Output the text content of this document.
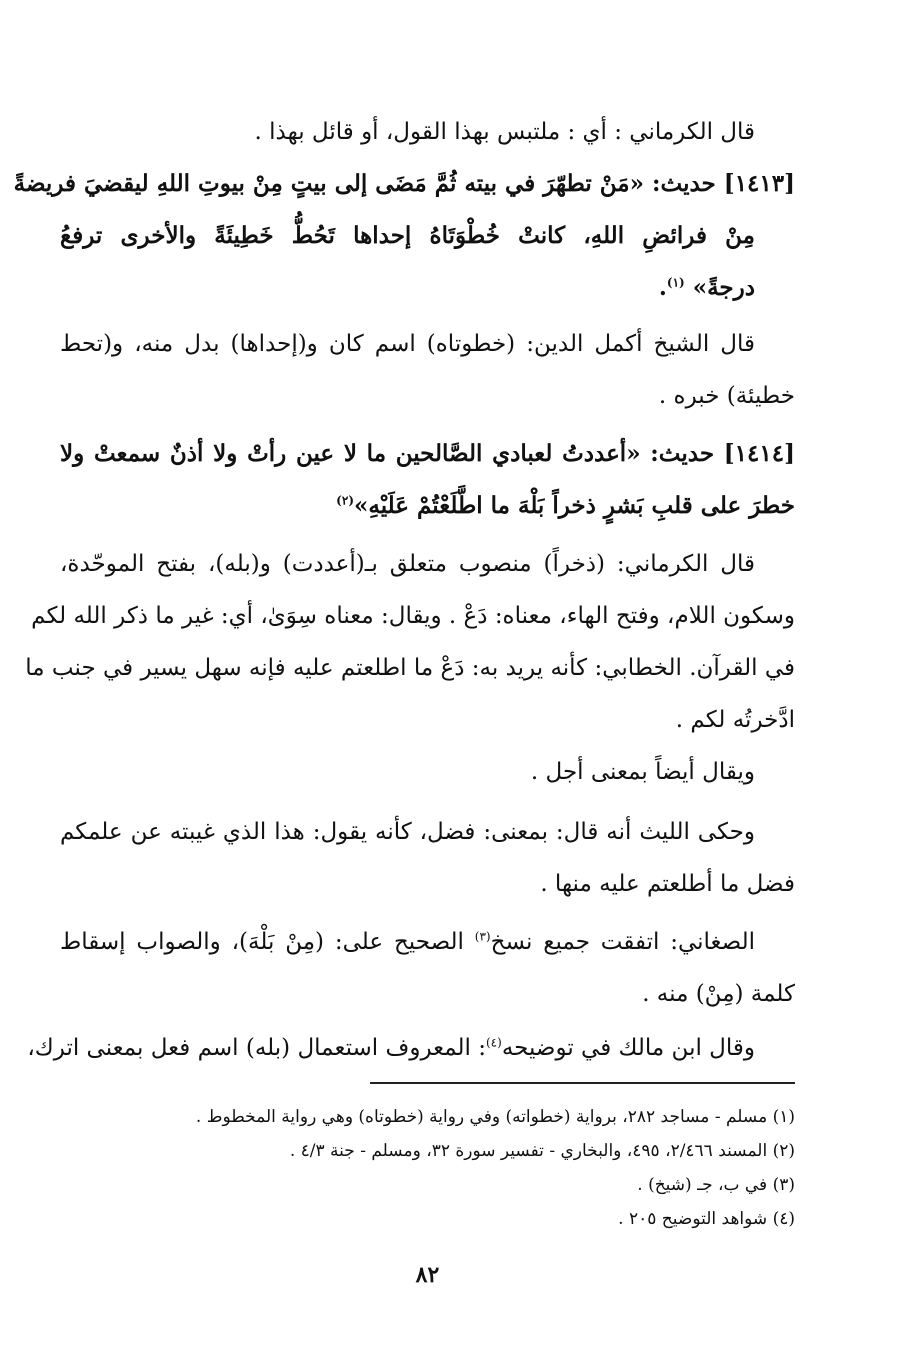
قال الكرماني : أي : ملتبس بهذا القول، أو قائل بهذا .
[١٤١٣] حديث: «مَنْ تطهّرَ في بيته ثُمَّ مَضَى إلى بيتٍ مِنْ بيوتِ اللهِ ليقضيَ فريضةً
مِنْ فرائضِ اللهِ، كانتْ خُطْوَتَاهُ إحداها تَحُطُّ خَطِيئَةً والأخرى ترفعُ
درجةً» $^{(١)}$.
قال الشيخ أكمل الدين: (خطوتاه) اسم كان و(إحداها) بدل منه، و(تحط
خطيئة) خبره .
[١٤١٤] حديث: «أعددتُ لعبادي الصَّالحين ما لا عين رأتْ ولا أذنٌ سمعتْ ولا
خطرَ على قلبِ بَشرٍ ذخراً بَلْهَ ما اطَّلَعْتُمْ عَلَيْهِ»$^{(٢)}$
قال الكرماني: (ذخراً) منصوب متعلق بـ(أعددت) و(بله)، بفتح الموحّدة،
وسكون اللام، وفتح الهاء، معناه: دَعْ . ويقال: معناه سِوَىٰ، أي: غير ما ذكر الله لكم
في القرآن. الخطابي: كأنه يريد به: دَعْ ما اطلعتم عليه فإنه سهل يسير في جنب ما
ادَّخرتُه لكم .
ويقال أيضاً بمعنى أجل .
وحكى الليث أنه قال: بمعنى: فضل، كأنه يقول: هذا الذي غيبته عن علمكم
فضل ما أطلعتم عليه منها .
الصغاني: اتفقت جميع نسخ$^{(٣)}$ الصحيح على: (مِنْ بَلْهَ)، والصواب إسقاط
كلمة (مِنْ) منه .
وقال ابن مالك في توضيحه$^{(٤)}$: المعروف استعمال (بله) اسم فعل بمعنى اترك،
(١) مسلم - مساجد ٢٨٢، برواية (خطواته) وفي رواية (خطوتاه) وهي رواية المخطوط .
(٢) المسند ٢/٤٦٦، ٤٩٥، والبخاري - تفسير سورة ٣٢، ومسلم - جنة ٤/٣ .
(٣) في ب، جـ (شيخ) .
(٤) شواهد التوضيح ٢٠٥ .
٨٢
